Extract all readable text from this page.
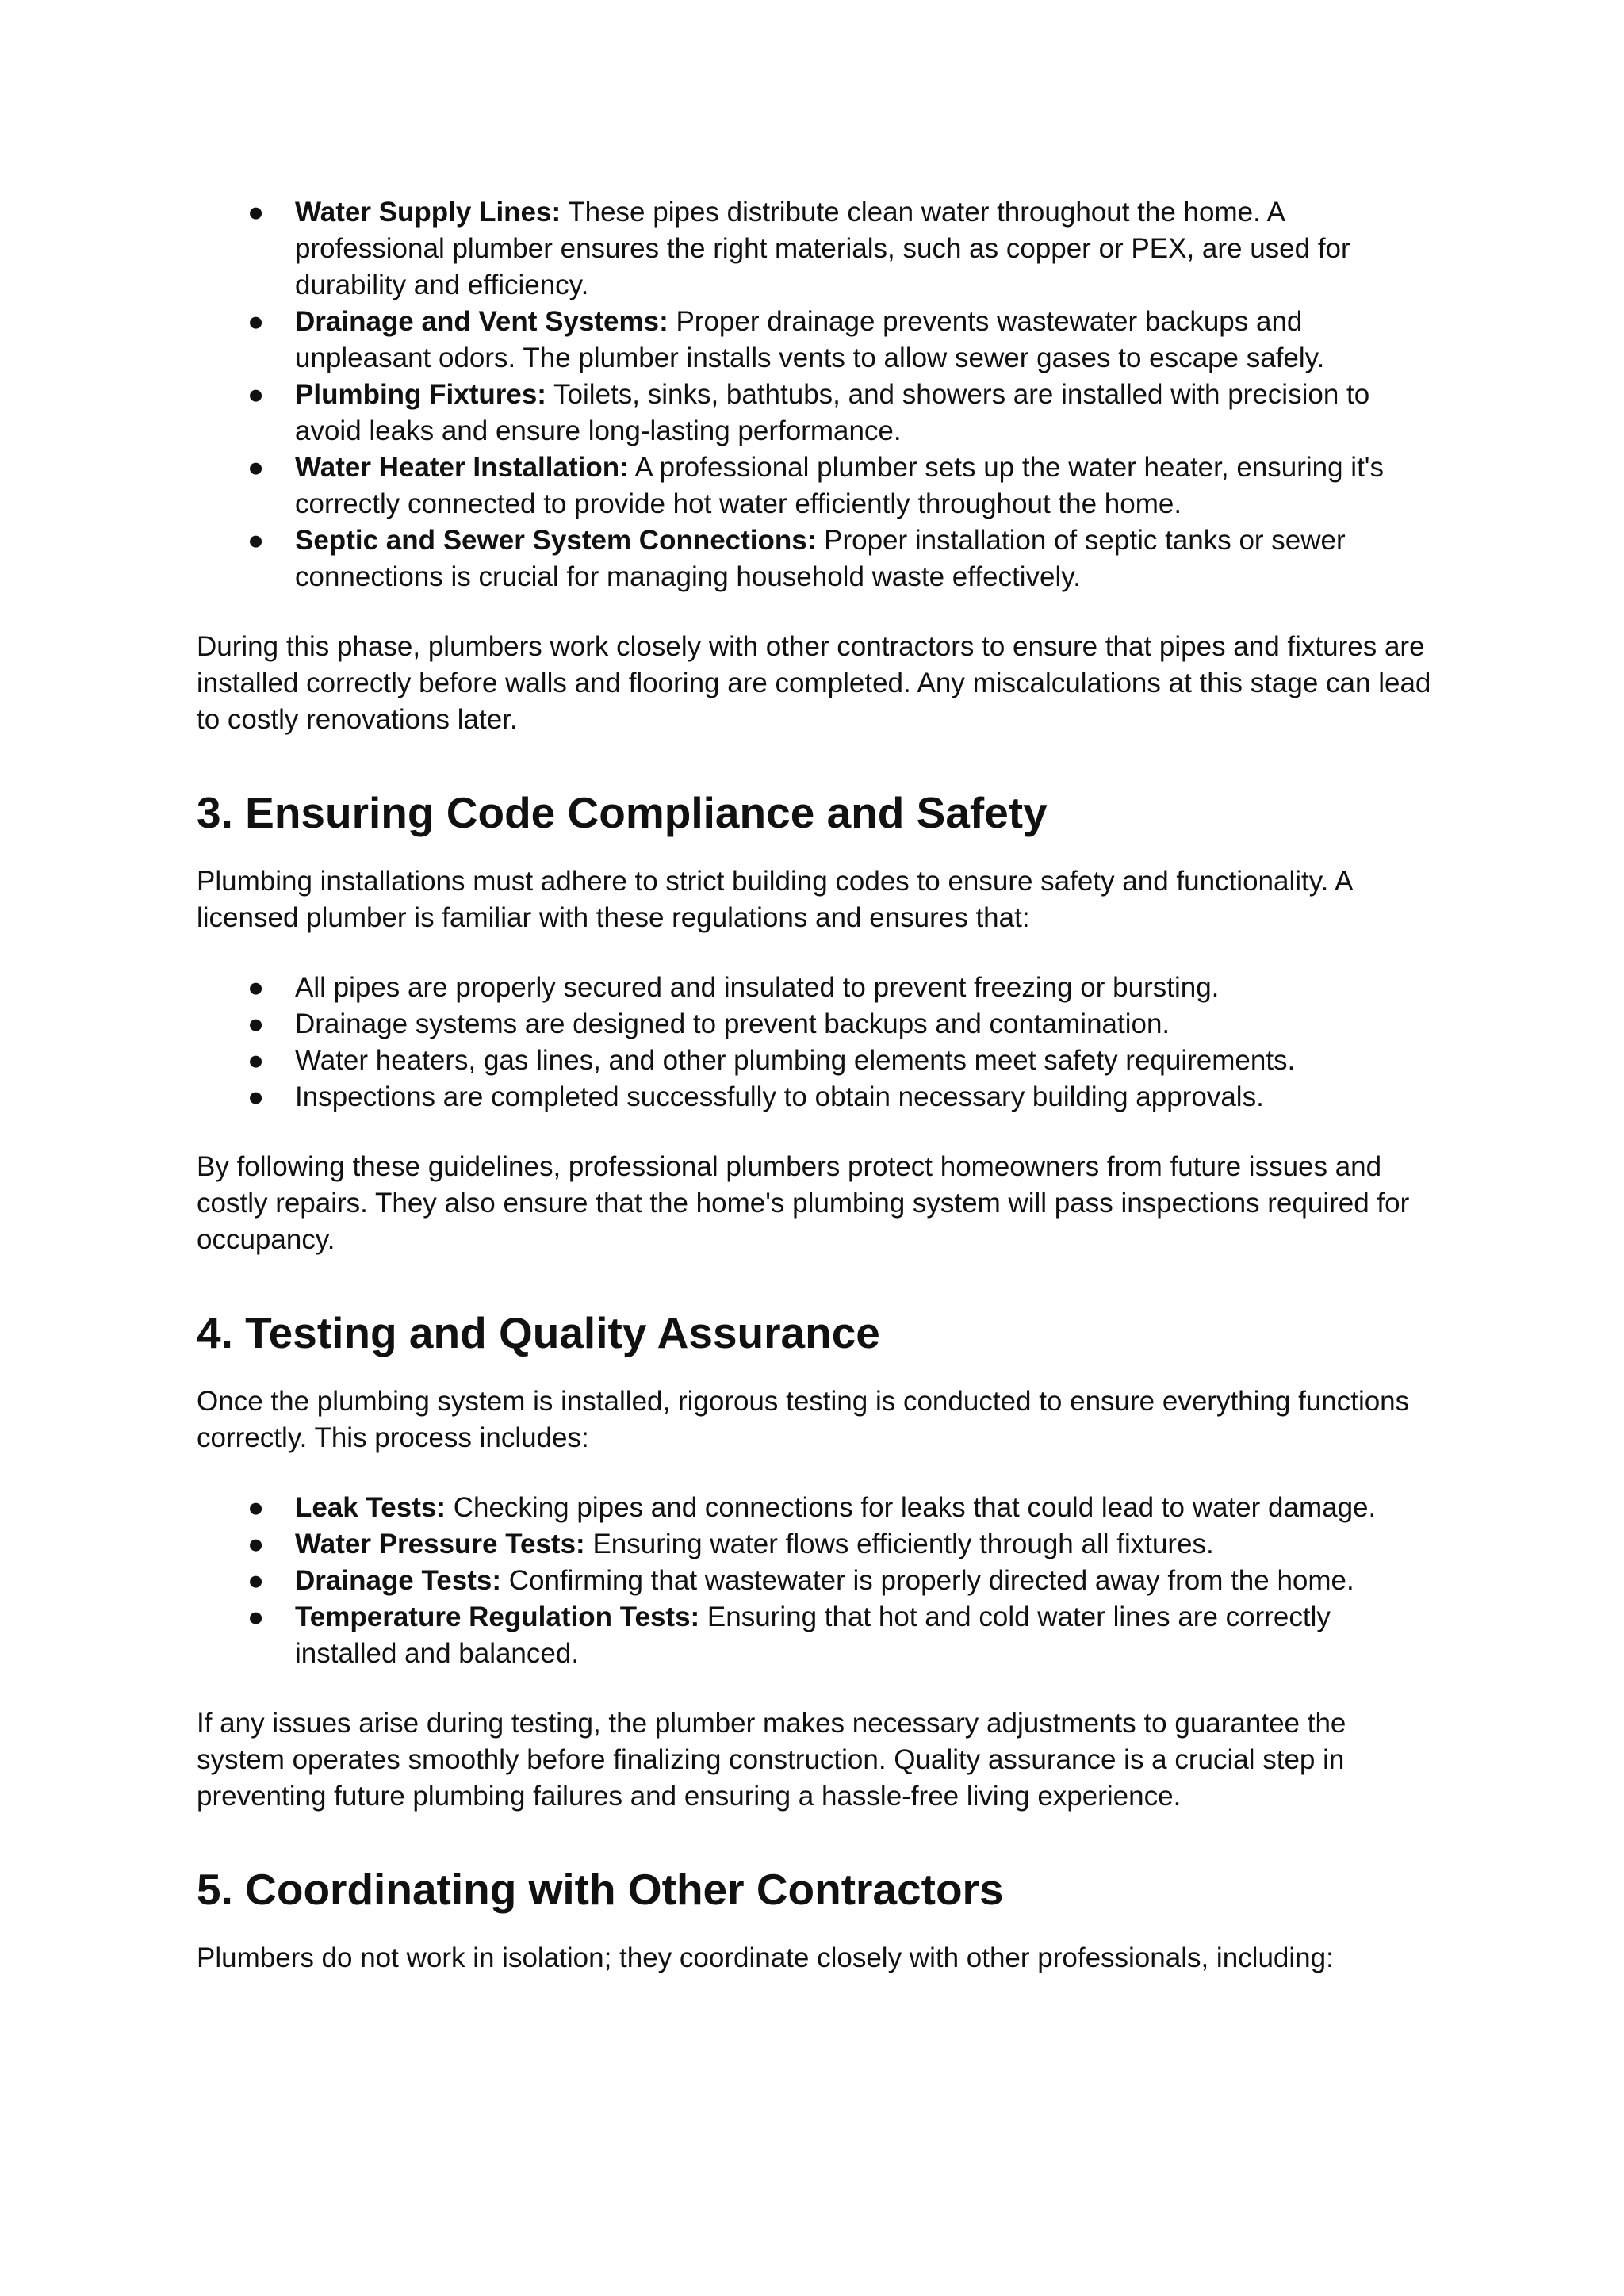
● Water Supply Lines: These pipes distribute clean water throughout the home. A professional plumber ensures the right materials, such as copper or PEX, are used for durability and efficiency.
● Drainage and Vent Systems: Proper drainage prevents wastewater backups and unpleasant odors. The plumber installs vents to allow sewer gases to escape safely.
● Plumbing Fixtures: Toilets, sinks, bathtubs, and showers are installed with precision to avoid leaks and ensure long-lasting performance.
● Water Heater Installation: A professional plumber sets up the water heater, ensuring it's correctly connected to provide hot water efficiently throughout the home.
● Septic and Sewer System Connections: Proper installation of septic tanks or sewer connections is crucial for managing household waste effectively.

During this phase, plumbers work closely with other contractors to ensure that pipes and fixtures are installed correctly before walls and flooring are completed. Any miscalculations at this stage can lead to costly renovations later.

3. Ensuring Code Compliance and Safety

Plumbing installations must adhere to strict building codes to ensure safety and functionality. A licensed plumber is familiar with these regulations and ensures that:

● All pipes are properly secured and insulated to prevent freezing or bursting.
● Drainage systems are designed to prevent backups and contamination.
● Water heaters, gas lines, and other plumbing elements meet safety requirements.
● Inspections are completed successfully to obtain necessary building approvals.

By following these guidelines, professional plumbers protect homeowners from future issues and costly repairs. They also ensure that the home's plumbing system will pass inspections required for occupancy.

4. Testing and Quality Assurance

Once the plumbing system is installed, rigorous testing is conducted to ensure everything functions correctly. This process includes:

● Leak Tests: Checking pipes and connections for leaks that could lead to water damage.
● Water Pressure Tests: Ensuring water flows efficiently through all fixtures.
● Drainage Tests: Confirming that wastewater is properly directed away from the home.
● Temperature Regulation Tests: Ensuring that hot and cold water lines are correctly installed and balanced.

If any issues arise during testing, the plumber makes necessary adjustments to guarantee the system operates smoothly before finalizing construction. Quality assurance is a crucial step in preventing future plumbing failures and ensuring a hassle-free living experience.

5. Coordinating with Other Contractors

Plumbers do not work in isolation; they coordinate closely with other professionals, including:
